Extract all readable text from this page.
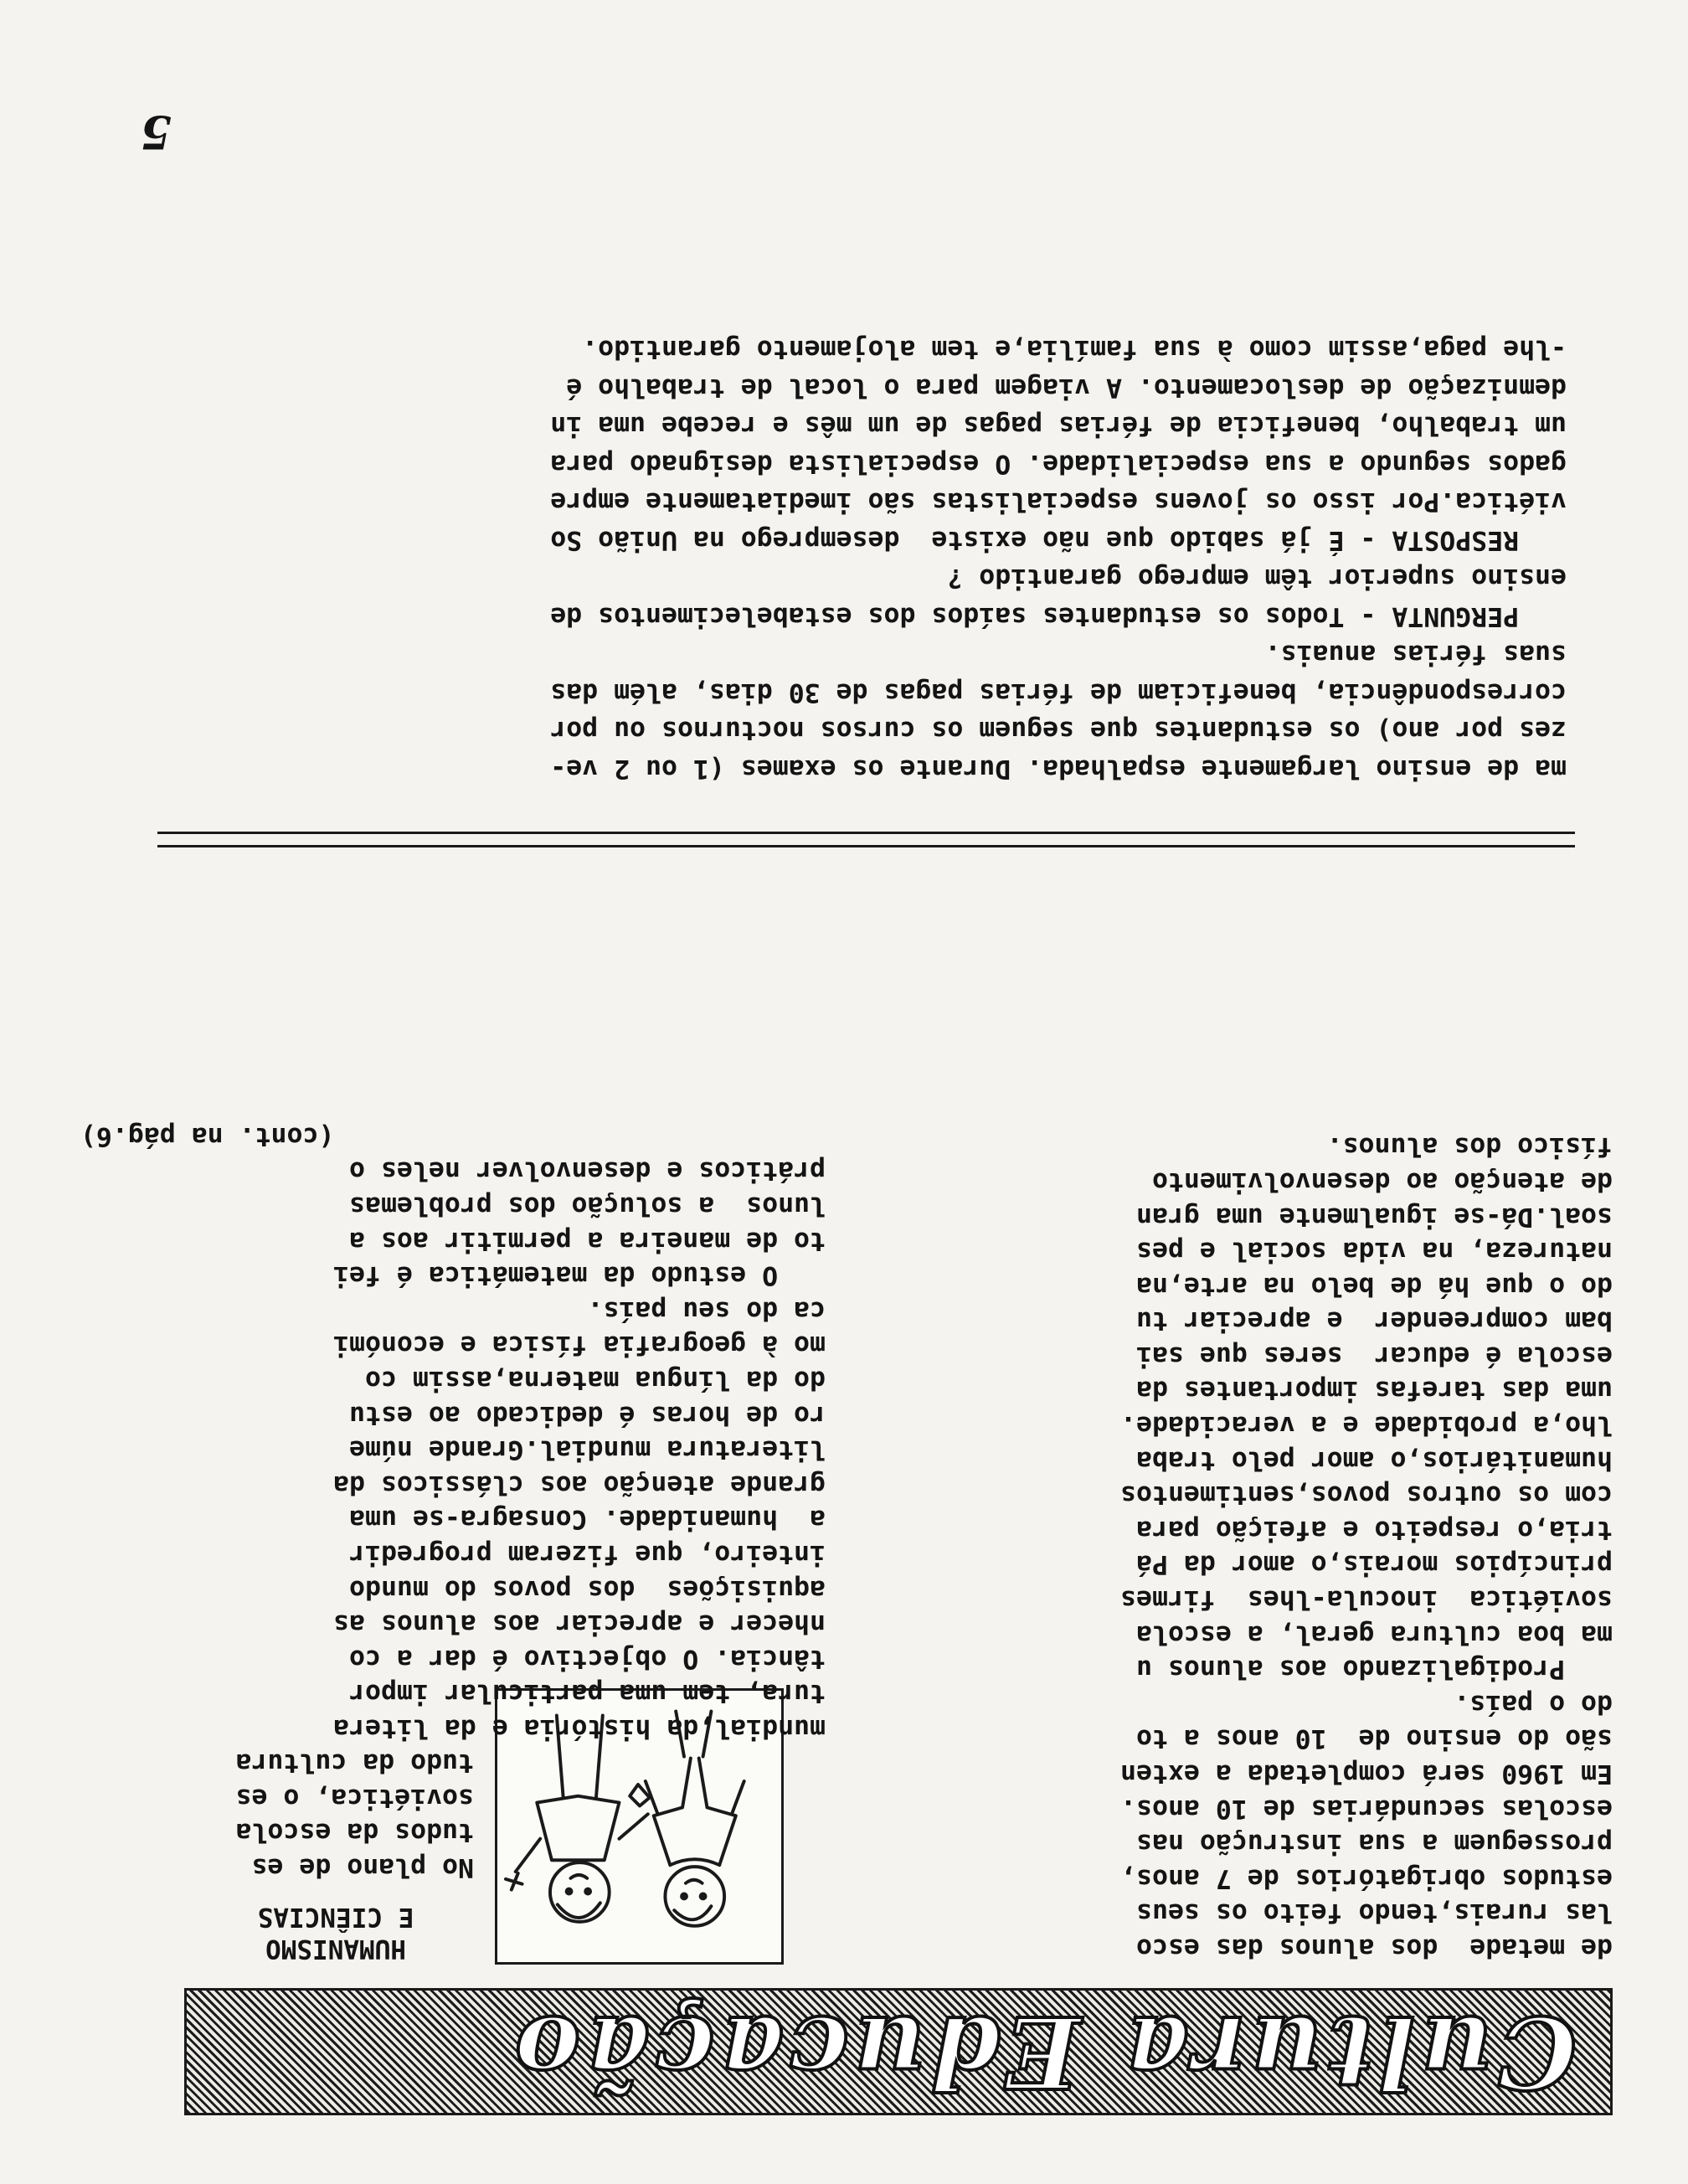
Cultura Educação

de metade  dos alunos das esco

las rurais,tendo feito os seus

estudos obrigatórios de 7 anos,

prosseguem a sua instrução nas

escolas secundárias de 10 anos.

Em 1960 será completada a exten

são do ensino de  10 anos a to

do o país.

Prodigalizando aos alunos u

ma boa cultura geral, a escola

soviética  inocula-lhes  firmes

princípios morais,o amor da Pá

tria,o respeito e afeição para

com os outros povos,sentimentos

humanitários,o amor pelo traba

lho,a probidade e a veracidade.

uma das tarefas importantes da

escola é educar  seres que sai

bam compreender  e apreciar tu

do o que há de belo na arte,na

natureza, na vida social e pes

soal.Dá-se igualmente uma gran

de atenção ao desenvolvimento

físico dos alunos.

HUMANISMO

E CIÊNCIAS

No plano de es

tudos da escola

soviética, o es

tudo da cultura

mundial,da história e da litera

tura, tem uma particular impor

tância. O objectivo é dar a co

nhecer e apreciar aos alunos as

aquisições  dos povos do mundo

inteiro, que fizeram progredir

a  humanidade. Consagra-se uma

grande atenção aos clássicos da

literatura mundial.Grande núme

ro de horas é dedicado ao estu

do da língua materna,assim co

mo à geografia física e económi

ca do seu país.

O estudo da matemática é fei

to de maneira a permitir aos a

lunos  a solução dos problemas

práticos e desenvolver neles o

(cont. na pág.6)

ma de ensino largamente espalhada. Durante os exames (1 ou 2 ve-

zes por ano) os estudantes que seguem os cursos nocturnos ou por

correspondência, beneficiam de férias pagas de 30 dias, além das

suas férias anuais.

PERGUNTA - Todos os estudantes saídos dos estabelecimentos de

ensino superior têm emprego garantido ?

RESPOSTA - É já sabido que não existe  desemprego na União So

viética.Por isso os jovens especialistas são imediatamente empre

gados segundo a sua especialidade. O especialista designado para

um trabalho, beneficia de férias pagas de um mês e recebe uma in

demnização de deslocamento. A viagem para o local de trabalho é

-lhe paga,assim como à sua família,e tem alojamento garantido.

5
